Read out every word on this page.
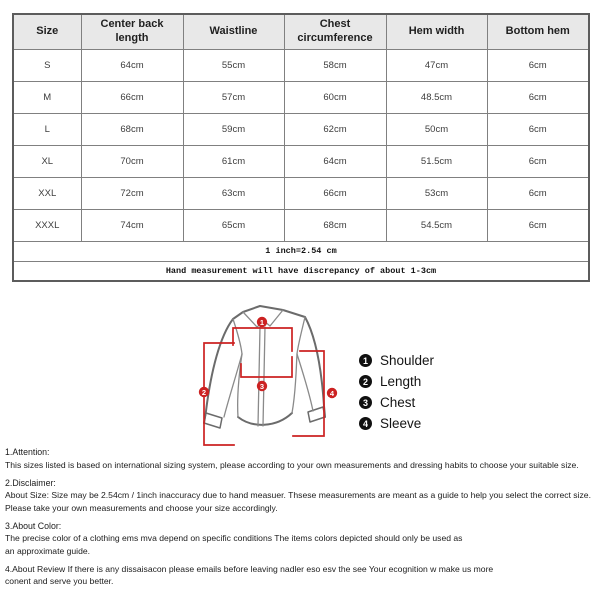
Size	Center back length	Waistline	Chest circumference	Hem width	Bottom hem
S	64cm	55cm	58cm	47cm	6cm
M	66cm	57cm	60cm	48.5cm	6cm
L	68cm	59cm	62cm	50cm	6cm
XL	70cm	61cm	64cm	51.5cm	6cm
XXL	72cm	63cm	66cm	53cm	6cm
XXXL	74cm	65cm	68cm	54.5cm	6cm
1 inch=2.54 cm					
Hand measurement will have discrepancy of about 1-3cm					
1
2
3
4
1 Shoulder
2 Length
3 Chest
4 Sleeve
1.Attention:
This sizes listed is based on international sizing system, please according to your own measurements and dressing habits to choose your suitable size.
2.Disclaimer:
About Size: Size may be 2.54cm / 1inch inaccuracy due to hand measuer. Thsese measurements are meant as a guide to help you select the correct size.
Please take your own measurements and choose your size accordingly.
3.About Color:
The precise color of a clothing ems mva depend on specific conditions The items colors depicted should only be used as
an approximate guide.
4.About Review If there is any dissaisacon please emails before leaving nadler eso esv the see Your ecognition w make us more
conent and serve you better.
